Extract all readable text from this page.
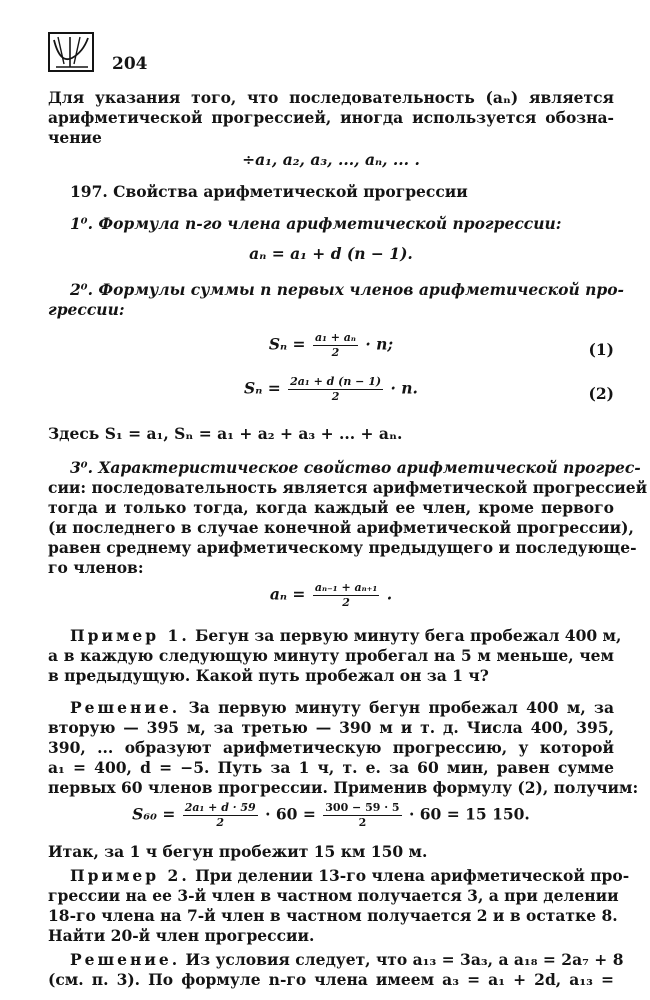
204
Для указания того, что последовательность (aₙ) является
арифметической прогрессией, иногда используется обозна-
чение
÷a₁, a₂, a₃, ..., aₙ, ... .
197. Свойства арифметической прогрессии
1⁰. Формула n-го члена арифметической прогрессии:
aₙ = a₁ + d (n − 1).
2⁰. Формулы суммы n первых членов арифметической про-
грессии:
$S_n = \frac{\text{a₁ + aₙ}}{2} \cdot n$;	(1)
$S_n = \frac{\text{2a₁ + d (n − 1)}}{2} \cdot n$.	(2)
Здесь S₁ = a₁, Sₙ = a₁ + a₂ + a₃ + ... + aₙ.
3⁰. Характеристическое свойство арифметической прогрес-
сии: последовательность является арифметической прогрессией
тогда и только тогда, когда каждый ее член, кроме первого
(и последнего в случае конечной арифметической прогрессии),
равен среднему арифметическому предыдущего и последующе-
го членов:
$a_n = \frac{\text{aₙ₋₁ + aₙ₊₁}}{2}$ .
Пример 1. Бегун за первую минуту бега пробежал 400 м,
а в каждую следующую минуту пробегал на 5 м меньше, чем
в предыдущую. Какой путь пробежал он за 1 ч?
Решение. За первую минуту бегун пробежал 400 м, за
вторую — 395 м, за третью — 390 м и т. д. Числа 400, 395,
390, ... образуют арифметическую прогрессию, у которой
a₁ = 400, d = −5. Путь за 1 ч, т. е. за 60 мин, равен сумме
первых 60 членов прогрессии. Применив формулу (2), получим:
$S_{60} = \frac{\text{2a₁ + d · 59}}{2} \cdot 60 = \frac{300 - 59 \cdot 5}{2} \cdot 60 = 15$ 150.
Итак, за 1 ч бегун пробежит 15 км 150 м.
Пример 2. При делении 13-го члена арифметической про-
грессии на ее 3-й член в частном получается 3, а при делении
18-го члена на 7-й член в частном получается 2 и в остатке 8.
Найти 20-й член прогрессии.
Решение. Из условия следует, что a₁₃ = 3a₃, a a₁₈ = 2a₇ + 8
(см. п. 3). По формуле n-го члена имеем a₃ = a₁ + 2d, a₁₃ =
